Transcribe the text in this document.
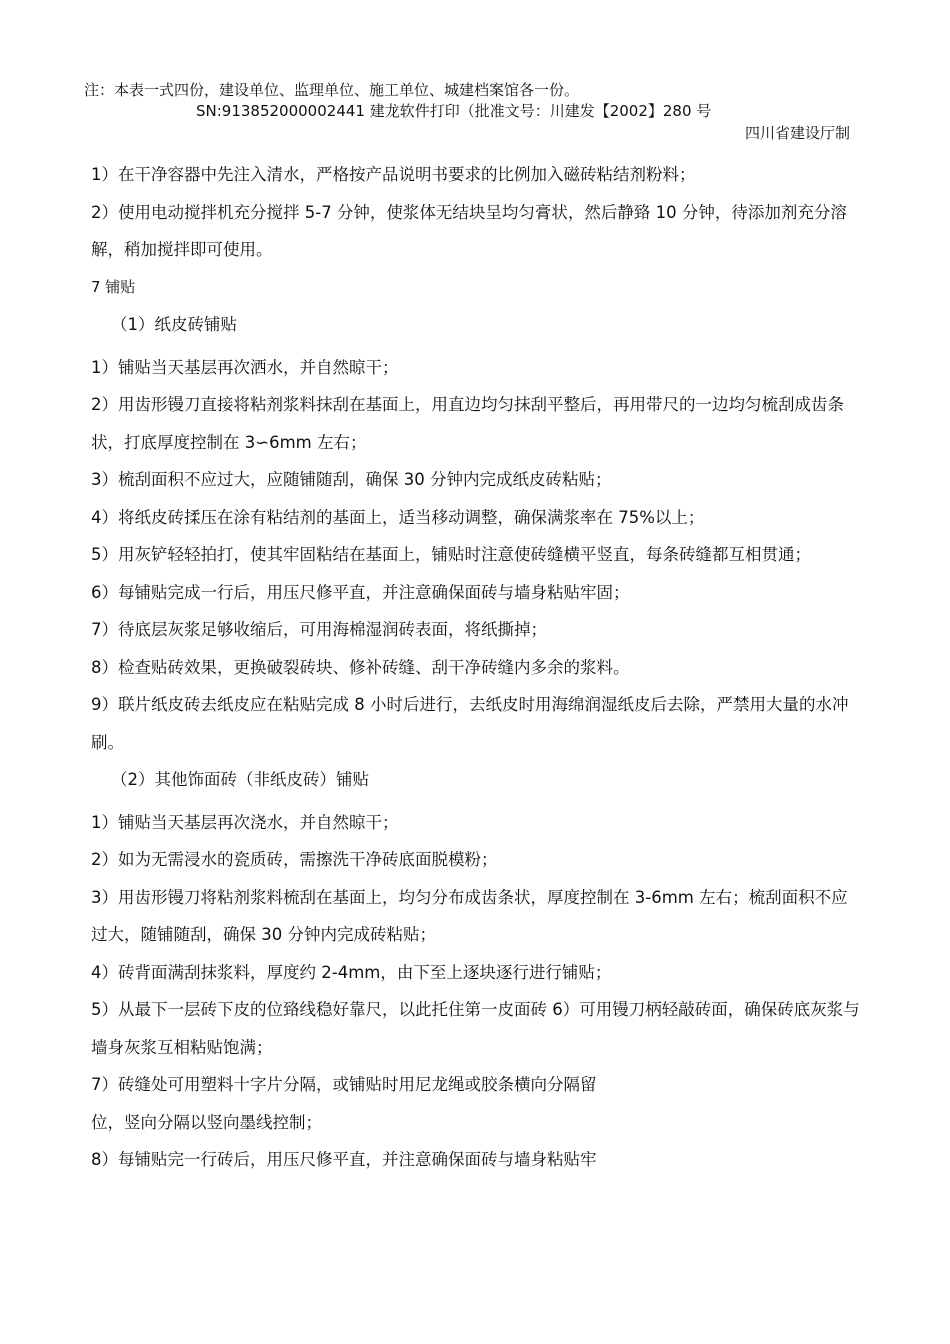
注：本表一式四份，建设单位、监理单位、施工单位、城建档案馆各一份。
SN:913852000002441 建龙软件打印（批准文号：川建发【2002】280 号
四川省建设厅制

1）在干净容器中先注入清水，严格按产品说明书要求的比例加入磁砖粘结剂粉料；

2）使用电动搅拌机充分搅拌 5-7 分钟，使浆体无结块呈均匀膏状，然后静臵 10 分钟，待添加剂充分溶解，稍加搅拌即可使用。

7 铺贴

（1）纸皮砖铺贴

1）铺贴当天基层再次洒水，并自然晾干；

2）用齿形镘刀直接将粘剂浆料抹刮在基面上，用直边均匀抹刮平整后，再用带尺的一边均匀梳刮成齿条状，打底厚度控制在 3∽6mm 左右；

3）梳刮面积不应过大，应随铺随刮，确保 30 分钟内完成纸皮砖粘贴；

4）将纸皮砖揉压在涂有粘结剂的基面上，适当移动调整，确保满浆率在 75%以上；

5）用灰铲轻轻拍打，使其牢固粘结在基面上，铺贴时注意使砖缝横平竖直，每条砖缝都互相贯通；

6）每铺贴完成一行后，用压尺修平直，并注意确保面砖与墙身粘贴牢固；

7）待底层灰浆足够收缩后，可用海棉湿润砖表面，将纸撕掉；

8）检查贴砖效果，更换破裂砖块、修补砖缝、刮干净砖缝内多余的浆料。

9）联片纸皮砖去纸皮应在粘贴完成 8 小时后进行，去纸皮时用海绵润湿纸皮后去除，严禁用大量的水冲刷。

（2）其他饰面砖（非纸皮砖）铺贴

1）铺贴当天基层再次浇水，并自然晾干；

2）如为无需浸水的瓷质砖，需擦洗干净砖底面脱模粉；

3）用齿形镘刀将粘剂浆料梳刮在基面上，均匀分布成齿条状，厚度控制在 3-6mm 左右；梳刮面积不应过大，随铺随刮，确保 30 分钟内完成砖粘贴；

4）砖背面满刮抹浆料，厚度约 2-4mm，由下至上逐块逐行进行铺贴；

5）从最下一层砖下皮的位臵线稳好靠尺，以此托住第一皮面砖 6）可用镘刀柄轻敲砖面，确保砖底灰浆与墙身灰浆互相粘贴饱满；

7）砖缝处可用塑料十字片分隔，或铺贴时用尼龙绳或胶条横向分隔留

位，竖向分隔以竖向墨线控制；

8）每铺贴完一行砖后，用压尺修平直，并注意确保面砖与墙身粘贴牢
